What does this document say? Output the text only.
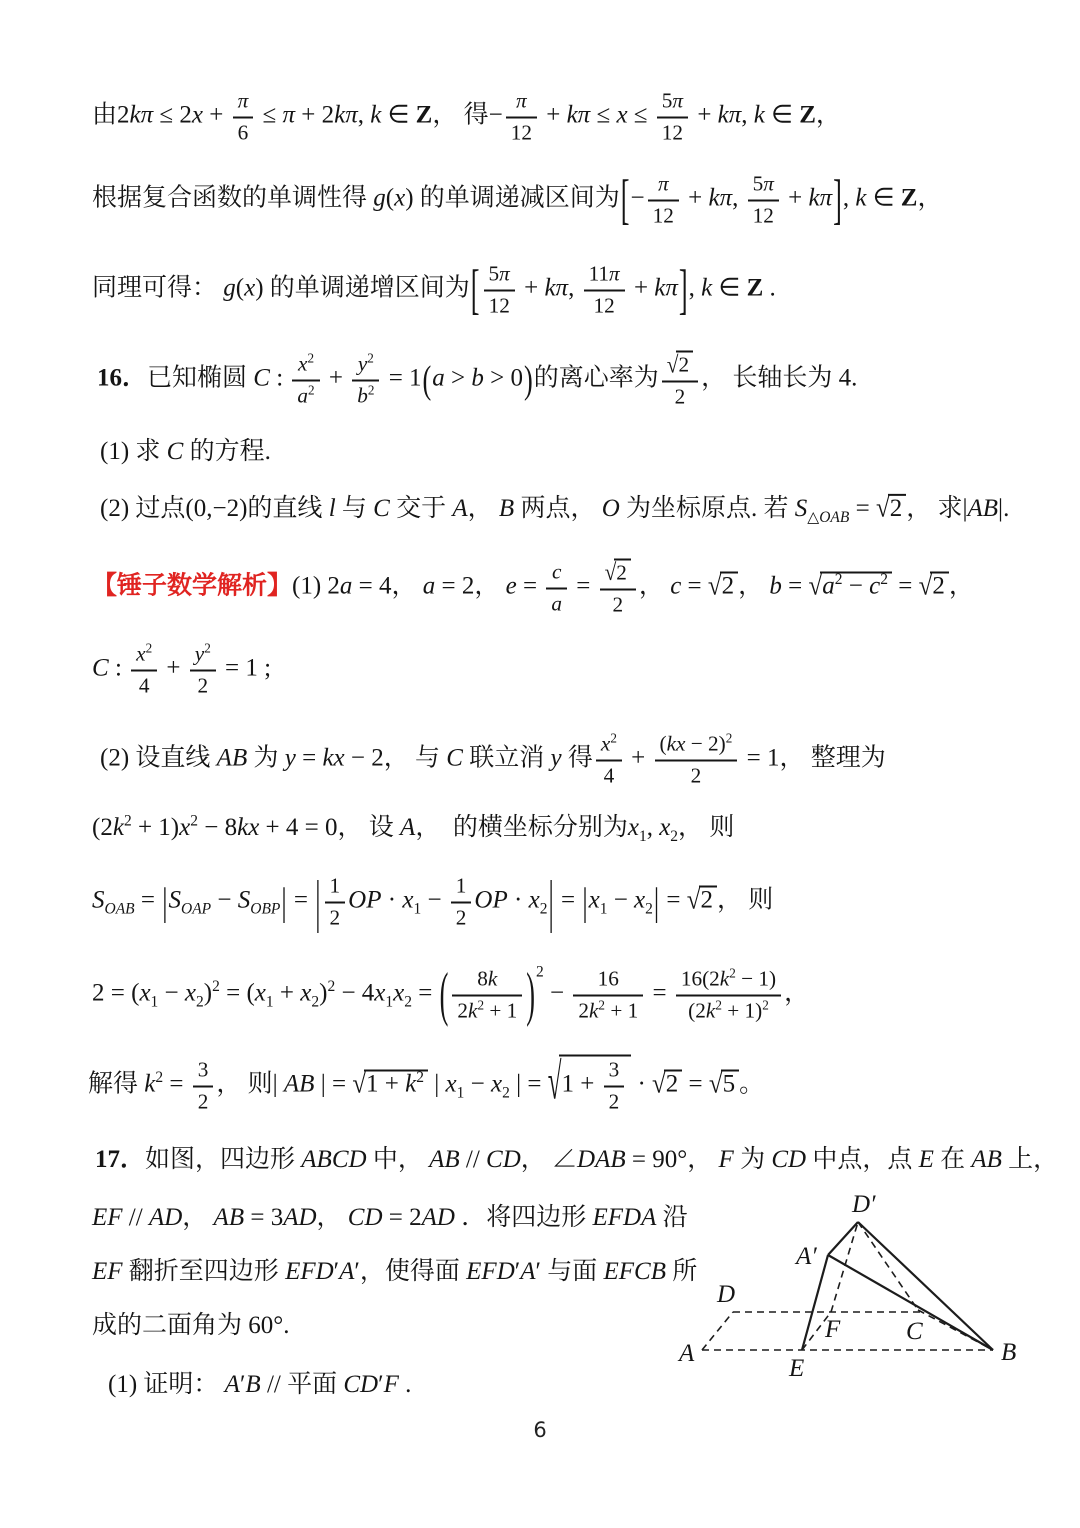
由$2k\pi \le 2x + \frac{\pi}{6} \le \pi + 2k\pi$, k ∈ Z， 得− $\frac{\pi}{12} + k\pi \le x \le \frac{5\pi}{12} + k\pi$, k ∈ Z，
根据复合函数的单调性得 g(x) 的单调递减区间为[− $\frac{\pi}{12} + k\pi$, $\frac{5\pi}{12} + k\pi$], k ∈ Z，
同理可得： g(x) 的单调递增区间为[ $\frac{5\pi}{12} + k\pi$, $\frac{11\pi}{12} + k\pi$], k ∈ Z .
16．已知椭圆 C : $\frac{x^2}{a^2} + \frac{y^2}{b^2} = 1(a > b > 0)$的离心率为 $\frac{√2}{2}$ ， 长轴长为 4.
(1) 求 C 的方程.
(2) 过点(0,−2)的直线 l 与 C 交于 A， B 两点， O 为坐标原点. 若 $S_{\triangle OAB} = √2$ ， 求|AB|.
【锤子数学解析】(1) 2a = 4， a = 2， $e = \frac{c}{a} = \frac{√2}{2}$ ， c = √2 ， $b = √a^2 - c^2 = √2$ ，
C : $\frac{x^2}{4} + \frac{y^2}{2} = 1$ ;
(2) 设直线 AB 为 y = kx − 2， 与 C 联立消 y 得 $\frac{x^2}{4} + \frac{(kx - 2)^2}{2} = 1$， 整理为
$(2k^2 + 1)x^2 - 8kx + 4 = 0$， 设 A，　的横坐标分别为$x_1$, $x_2$， 则
$S_{OAB} = |S_{OAP} - S_{OBP}|$ = | $\frac{1}{2}$ OP · $x_1 - \frac{1}{2}$ OP · $x_2| = |x_1 - x_2| = √2$ ， 则
$2 = (x_1 - x_2)^2 = (x_1 + x_2)^2 - 4x_1x_2$ = ( $\frac{8k}{2k^2 + 1} )^2 - \frac{16}{2k^2 + 1} = \frac{16(2k^2 - 1)}{(2k^2 + 1)^2}$ ，
解得 $k^2 = \frac{3}{2}$ ， 则| AB | = $√1 + k^2$ | $x_1 - x_2$ | = $√1 + \frac{3}{2} \cdot √2 = √5$ 。
17．如图，四边形 ABCD 中， AB // CD， ∠DAB = 90°， F 为 CD 中点，点 E 在 AB 上，
EF // AD， AB = 3AD， CD = 2AD ．将四边形 EFDA 沿
EF 翻折至四边形 EFD′A′，使得面 EFD′A′ 与面 EFCB 所
成的二面角为 60°.
(1) 证明： A′B // 平面 CD′F .
D′
A′
D
F	C
A
E
B
6
